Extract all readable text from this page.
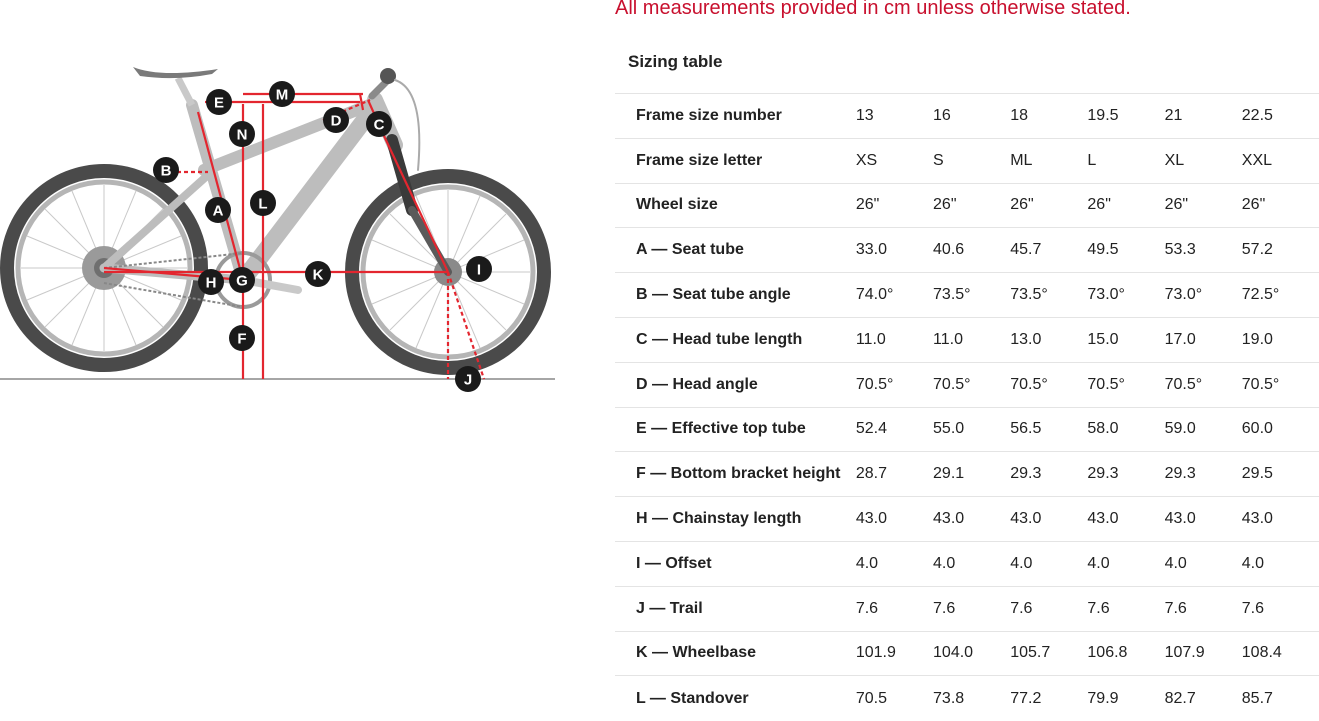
All measurements provided in cm unless otherwise stated.
A
B
C
D
E
F
G
H
I
J
K
L
M
N
Sizing table
Frame size number	13	16	18	19.5	21	22.5
Frame size letter	XS	S	ML	L	XL	XXL
Wheel size	26"	26"	26"	26"	26"	26"
A — Seat tube	33.0	40.6	45.7	49.5	53.3	57.2
B — Seat tube angle	74.0°	73.5°	73.5°	73.0°	73.0°	72.5°
C — Head tube length	11.0	11.0	13.0	15.0	17.0	19.0
D — Head angle	70.5°	70.5°	70.5°	70.5°	70.5°	70.5°
E — Effective top tube	52.4	55.0	56.5	58.0	59.0	60.0
F — Bottom bracket height	28.7	29.1	29.3	29.3	29.3	29.5
H — Chainstay length	43.0	43.0	43.0	43.0	43.0	43.0
I — Offset	4.0	4.0	4.0	4.0	4.0	4.0
J — Trail	7.6	7.6	7.6	7.6	7.6	7.6
K — Wheelbase	101.9	104.0	105.7	106.8	107.9	108.4
L — Standover	70.5	73.8	77.2	79.9	82.7	85.7
